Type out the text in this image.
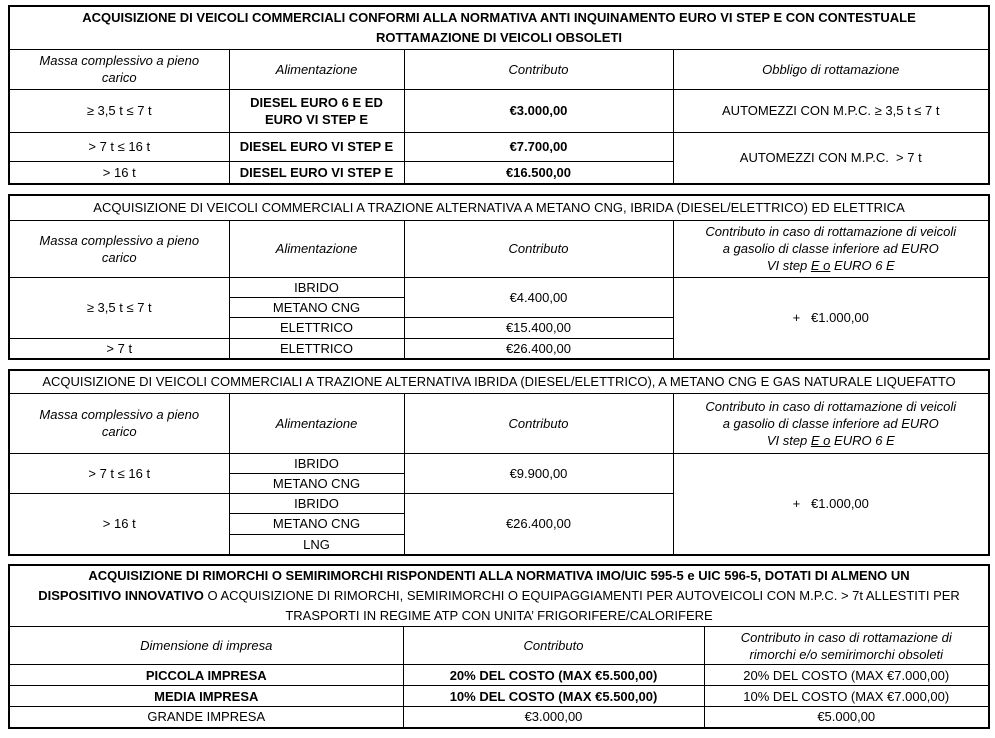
ACQUISIZIONE DI VEICOLI COMMERCIALI CONFORMI ALLA NORMATIVA ANTI INQUINAMENTO EURO VI STEP E CON CONTESTUALE
ROTTAMAZIONE DI VEICOLI OBSOLETI			

Massa complessivo a pieno
carico	Alimentazione	Contributo	Obbligo di rottamazione
≥ 3,5 t ≤ 7 t	DIESEL EURO 6 E ED
EURO VI STEP E	€3.000,00	AUTOMEZZI CON M.P.C. ≥ 3,5 t ≤ 7 t
> 7 t ≤ 16 t	DIESEL EURO VI STEP E	€7.700,00	AUTOMEZZI CON M.P.C.  > 7 t
> 16 t	DIESEL EURO VI STEP E	€16.500,00	
ACQUISIZIONE DI VEICOLI COMMERCIALI A TRAZIONE ALTERNATIVA A METANO CNG, IBRIDA (DIESEL/ELETTRICO) ED ELETTRICA			

Massa complessivo a pieno
carico	Alimentazione	Contributo	Contributo in caso di rottamazione di veicoli
a gasolio di classe inferiore ad EURO
VI step E o EURO 6 E

≥ 3,5 t ≤ 7 t	IBRIDO	€4.400,00	+   €1.000,00
	METANO CNG		
	ELETTRICO	€15.400,00	
> 7 t	ELETTRICO	€26.400,00	
ACQUISIZIONE DI VEICOLI COMMERCIALI A TRAZIONE ALTERNATIVA IBRIDA (DIESEL/ELETTRICO), A METANO CNG E GAS NATURALE LIQUEFATTO			

Massa complessivo a pieno
carico	Alimentazione	Contributo	Contributo in caso di rottamazione di veicoli
a gasolio di classe inferiore ad EURO
VI step E o EURO 6 E

> 7 t ≤ 16 t	IBRIDO	€9.900,00	+   €1.000,00
	METANO CNG		
> 16 t	IBRIDO	€26.400,00	
	METANO CNG		
	LNG		
ACQUISIZIONE DI RIMORCHI O SEMIRIMORCHI RISPONDENTI ALLA NORMATIVA IMO/UIC 595-5 e UIC 596-5, DOTATI DI ALMENO UN
DISPOSITIVO INNOVATIVO O ACQUISIZIONE DI RIMORCHI, SEMIRIMORCHI O EQUIPAGGIAMENTI PER AUTOVEICOLI CON M.P.C. > 7t ALLESTITI PER
TRASPORTI IN REGIME ATP CON UNITA’ FRIGORIFERE/CALORIFERE		

Dimensione di impresa	Contributo	Contributo in caso di rottamazione di
rimorchi e/o semirimorchi obsoleti

PICCOLA IMPRESA	20% DEL COSTO (MAX €5.500,00)	20% DEL COSTO (MAX €7.000,00)
MEDIA IMPRESA	10% DEL COSTO (MAX €5.500,00)	10% DEL COSTO (MAX €7.000,00)
GRANDE IMPRESA	€3.000,00	€5.000,00
